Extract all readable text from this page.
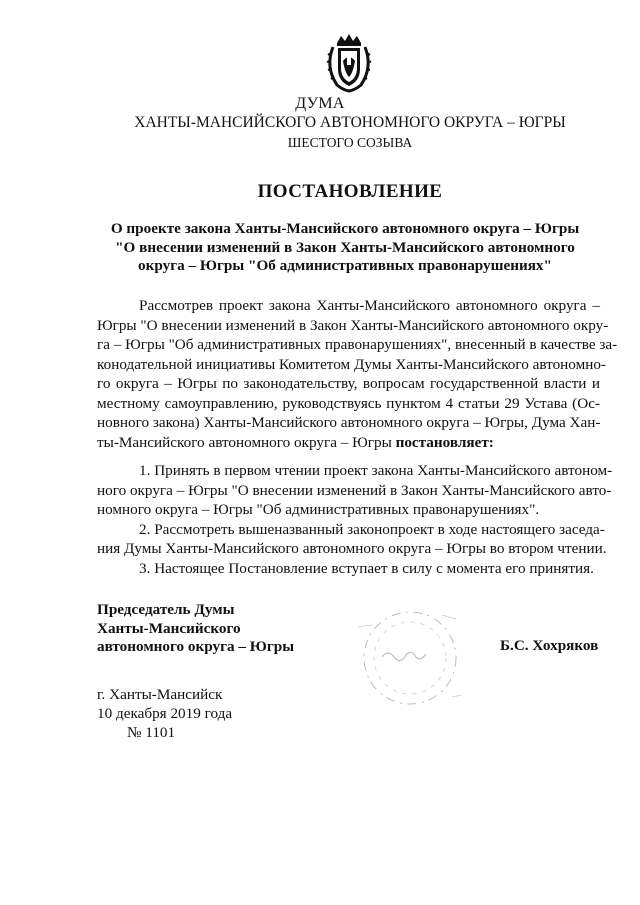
ДУМА
ХАНТЫ-МАНСИЙСКОГО АВТОНОМНОГО ОКРУГА – ЮГРЫ
ШЕСТОГО СОЗЫВА
ПОСТАНОВЛЕНИЕ
О проекте закона Ханты-Мансийского автономного округа – Югры
"О внесении изменений в Закон Ханты-Мансийского автономного
округа – Югры "Об административных правонарушениях"
Рассмотрев проект закона Ханты-Мансийского автономного округа –
Югры "О внесении изменений в Закон Ханты-Мансийского автономного окру-
га – Югры "Об административных правонарушениях", внесенный в качестве за-
конодательной инициативы Комитетом Думы Ханты-Мансийского автономно-
го округа – Югры по законодательству, вопросам государственной власти и
местному самоуправлению, руководствуясь пунктом 4 статьи 29 Устава (Ос-
новного закона) Ханты-Мансийского автономного округа – Югры, Дума Хан-
ты-Мансийского автономного округа – Югры постановляет:
1. Принять в первом чтении проект закона Ханты-Мансийского автоном-
ного округа – Югры "О внесении изменений в Закон Ханты-Мансийского авто-
номного округа – Югры "Об административных правонарушениях".
2. Рассмотреть вышеназванный законопроект в ходе настоящего заседа-
ния Думы Ханты-Мансийского автономного округа – Югры во втором чтении.
3. Настоящее Постановление вступает в силу с момента его принятия.
Председатель Думы
Ханты-Мансийского
автономного округа – Югры	Б.С. Хохряков
г. Ханты-Мансийск
10 декабря 2019 года
№ 1101
